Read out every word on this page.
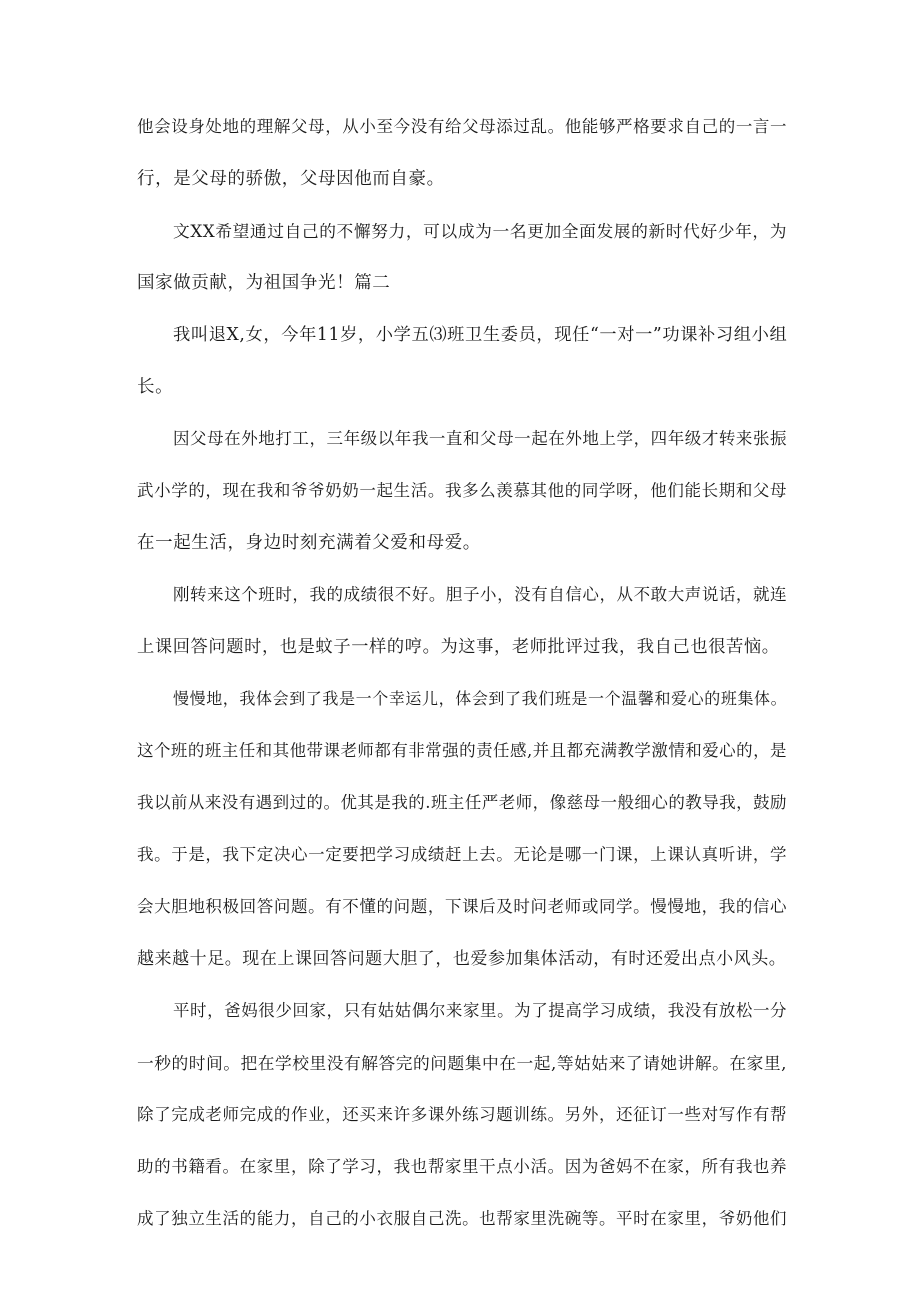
他会设身处地的理解父母，从小至今没有给父母添过乱。他能够严格要求自己的一言一
行，是父母的骄傲，父母因他而自豪。
文XX希望通过自己的不懈努力，可以成为一名更加全面发展的新时代好少年，为
国家做贡献，为祖国争光！篇二
我叫退X,女，今年11岁，小学五⑶班卫生委员，现任“一对一”功课补习组小组
长。
因父母在外地打工，三年级以年我一直和父母一起在外地上学，四年级才转来张振
武小学的，现在我和爷爷奶奶一起生活。我多么羡慕其他的同学呀，他们能长期和父母
在一起生活，身边时刻充满着父爱和母爱。
刚转来这个班时，我的成绩很不好。胆子小，没有自信心，从不敢大声说话，就连
上课回答问题时，也是蚊子一样的哼。为这事，老师批评过我，我自己也很苦恼。
慢慢地，我体会到了我是一个幸运儿，体会到了我们班是一个温馨和爱心的班集体。
这个班的班主任和其他带课老师都有非常强的责任感,并且都充满教学激情和爱心的，是
我以前从来没有遇到过的。优其是我的.班主任严老师，像慈母一般细心的教导我，鼓励
我。于是，我下定决心一定要把学习成绩赶上去。无论是哪一门课，上课认真听讲，学
会大胆地积极回答问题。有不懂的问题，下课后及时问老师或同学。慢慢地，我的信心
越来越十足。现在上课回答问题大胆了，也爱参加集体活动，有时还爱出点小风头。
平时，爸妈很少回家，只有姑姑偶尔来家里。为了提高学习成绩，我没有放松一分
一秒的时间。把在学校里没有解答完的问题集中在一起,等姑姑来了请她讲解。在家里,
除了完成老师完成的作业，还买来许多课外练习题训练。另外，还征订一些对写作有帮
助的书籍看。在家里，除了学习，我也帮家里干点小活。因为爸妈不在家，所有我也养
成了独立生活的能力，自己的小衣服自己洗。也帮家里洗碗等。平时在家里，爷奶他们
